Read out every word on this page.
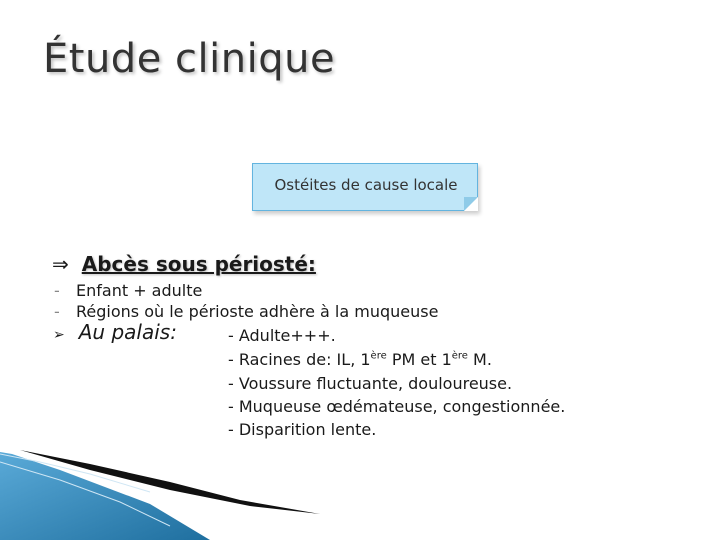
Étude clinique
Ostéites de cause locale
⇒ Abcès sous périosté:
- Enfant + adulte
- Régions où le périoste adhère à la muqueuse
➢ Au palais:	- Adulte+++.
- Racines de: IL, 1ère PM et 1ère M.
- Voussure fluctuante, douloureuse.
- Muqueuse œdémateuse, congestionnée.
- Disparition lente.
